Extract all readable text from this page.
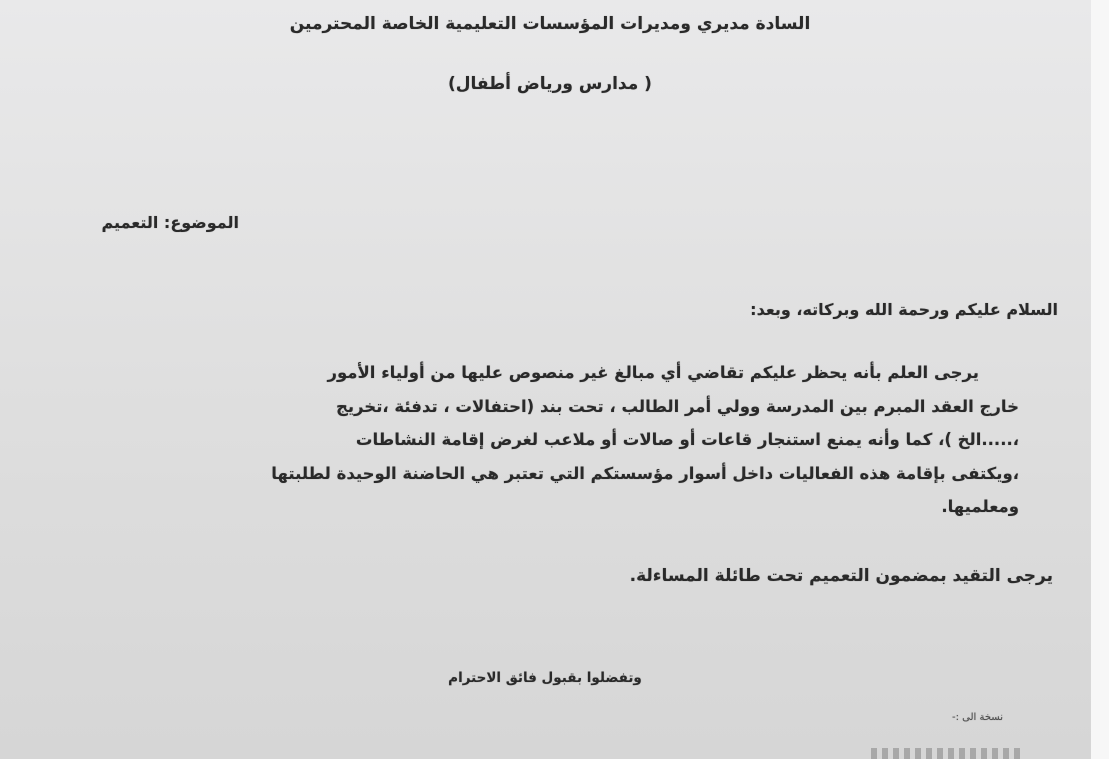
السادة مديري ومديرات المؤسسات التعليمية الخاصة المحترمين
( مدارس ورياض أطفال)
الموضوع: التعميم
السلام عليكم ورحمة الله وبركاته، وبعد:
يرجى العلم بأنه يحظر عليكم تقاضي أي مبالغ غير منصوص عليها من أولياء الأمور
خارج العقد المبرم بين المدرسة وولي أمر الطالب ، تحت بند (احتفالات ، تدفئة ،تخريج
،.....الخ )، كما وأنه يمنع استنجار قاعات أو صالات أو ملاعب لغرض إقامة النشاطات
،ويكتفى بإقامة هذه الفعاليات داخل أسوار مؤسستكم التي تعتبر هي الحاضنة الوحيدة لطلبتها
ومعلميها.
يرجى التقيد بمضمون التعميم تحت طائلة المساءلة.
وتفضلوا بقبول فائق الاحترام
نسخة الى :-
